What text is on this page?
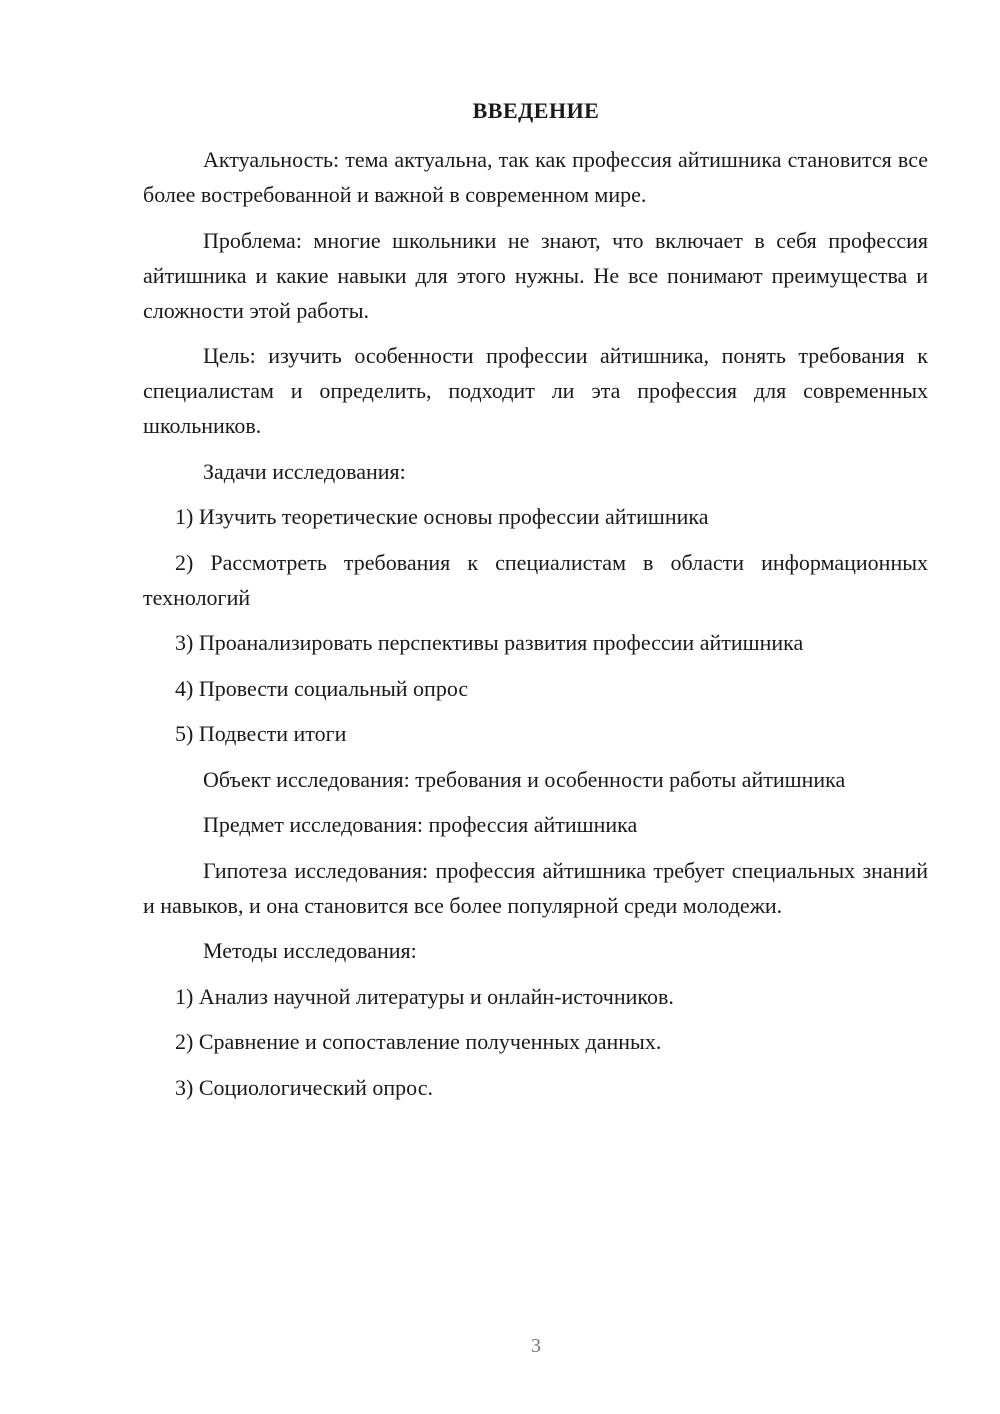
ВВЕДЕНИЕ

Актуальность: тема актуальна, так как профессия айтишника становится все более востребованной и важной в современном мире.

Проблема: многие школьники не знают, что включает в себя профессия айтишника и какие навыки для этого нужны. Не все понимают преимущества и сложности этой работы.

Цель: изучить особенности профессии айтишника, понять требования к специалистам и определить, подходит ли эта профессия для современных школьников.

Задачи исследования:

1) Изучить теоретические основы профессии айтишника

2) Рассмотреть требования к специалистам в области информационных технологий

3) Проанализировать перспективы развития профессии айтишника

4) Провести социальный опрос

5) Подвести итоги

Объект исследования: требования и особенности работы айтишника

Предмет исследования: профессия айтишника

Гипотеза исследования: профессия айтишника требует специальных знаний и навыков, и она становится все более популярной среди молодежи.

Методы исследования:

1) Анализ научной литературы и онлайн-источников.

2) Сравнение и сопоставление полученных данных.

3) Социологический опрос.

3
